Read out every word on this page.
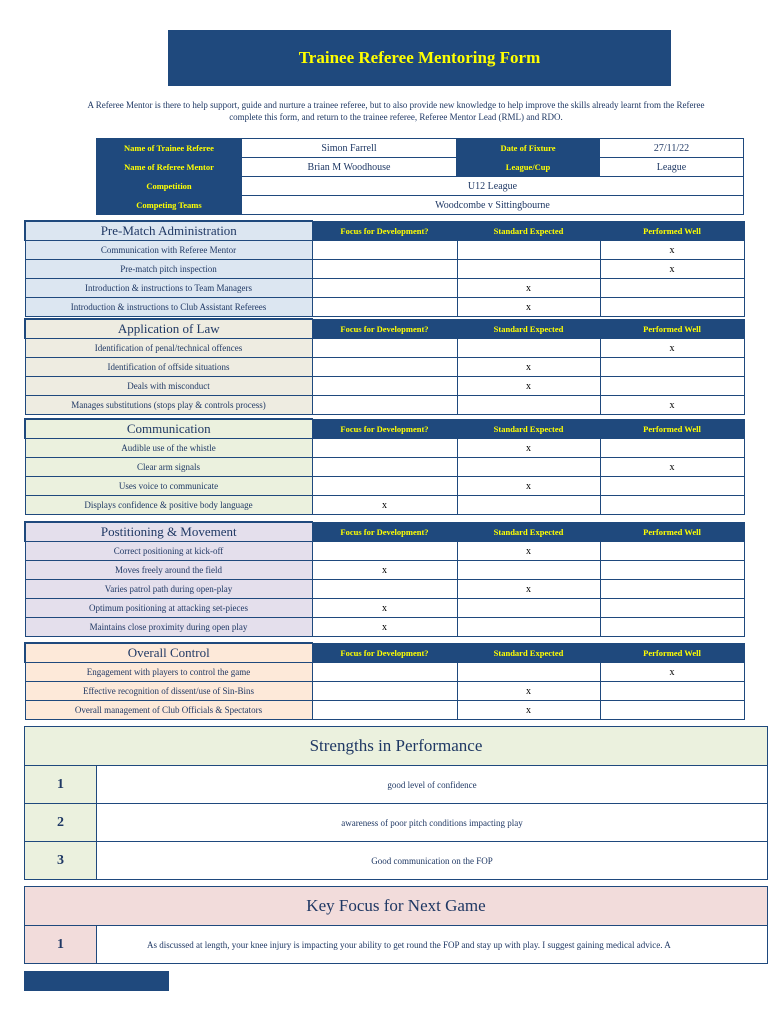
Trainee Referee Mentoring Form
A Referee Mentor is there to help support, guide and nurture a trainee referee, but to also provide new knowledge to help improve the skills already learnt from the Referee
complete this form, and return to the trainee referee, Referee Mentor Lead (RML) and RDO.
Name of Trainee Referee	Simon Farrell	Date of Fixture	27/11/22
Name of Referee Mentor	Brian M Woodhouse	League/Cup	League
Competition	U12 League		
Competing Teams	Woodcombe v Sittingbourne		
Pre-Match Administration	Focus for Development?	Standard Expected	Performed Well
Communication with Referee Mentor			x
Pre-match pitch inspection			x
Introduction & instructions to Team Managers		x	
Introduction & instructions to Club Assistant Referees		x	
Application of Law	Focus for Development?	Standard Expected	Performed Well
Identification of penal/technical offences			x
Identification of offside situations		x	
Deals with misconduct		x	
Manages substitutions (stops play & controls process)			x
Communication	Focus for Development?	Standard Expected	Performed Well
Audible use of the whistle		x	
Clear arm signals			x
Uses voice to communicate		x	
Displays confidence & positive body language	x		
Postitioning & Movement	Focus for Development?	Standard Expected	Performed Well
Correct positioning at kick-off		x	
Moves freely around the field	x		
Varies patrol path during open-play		x	
Optimum positioning at attacking set-pieces	x		
Maintains close proximity during open play	x		
Overall Control	Focus for Development?	Standard Expected	Performed Well
Engagement with players to control the game			x
Effective recognition of dissent/use of Sin-Bins		x	
Overall management of Club Officials & Spectators		x	
Strengths in Performance	
1	good level of confidence
2	awareness of poor pitch conditions impacting play
3	Good communication on the FOP
Key Focus for Next Game
1	As discussed at length, your knee injury is impacting your ability to get round the FOP and stay up with play. I suggest gaining medical advice. A
